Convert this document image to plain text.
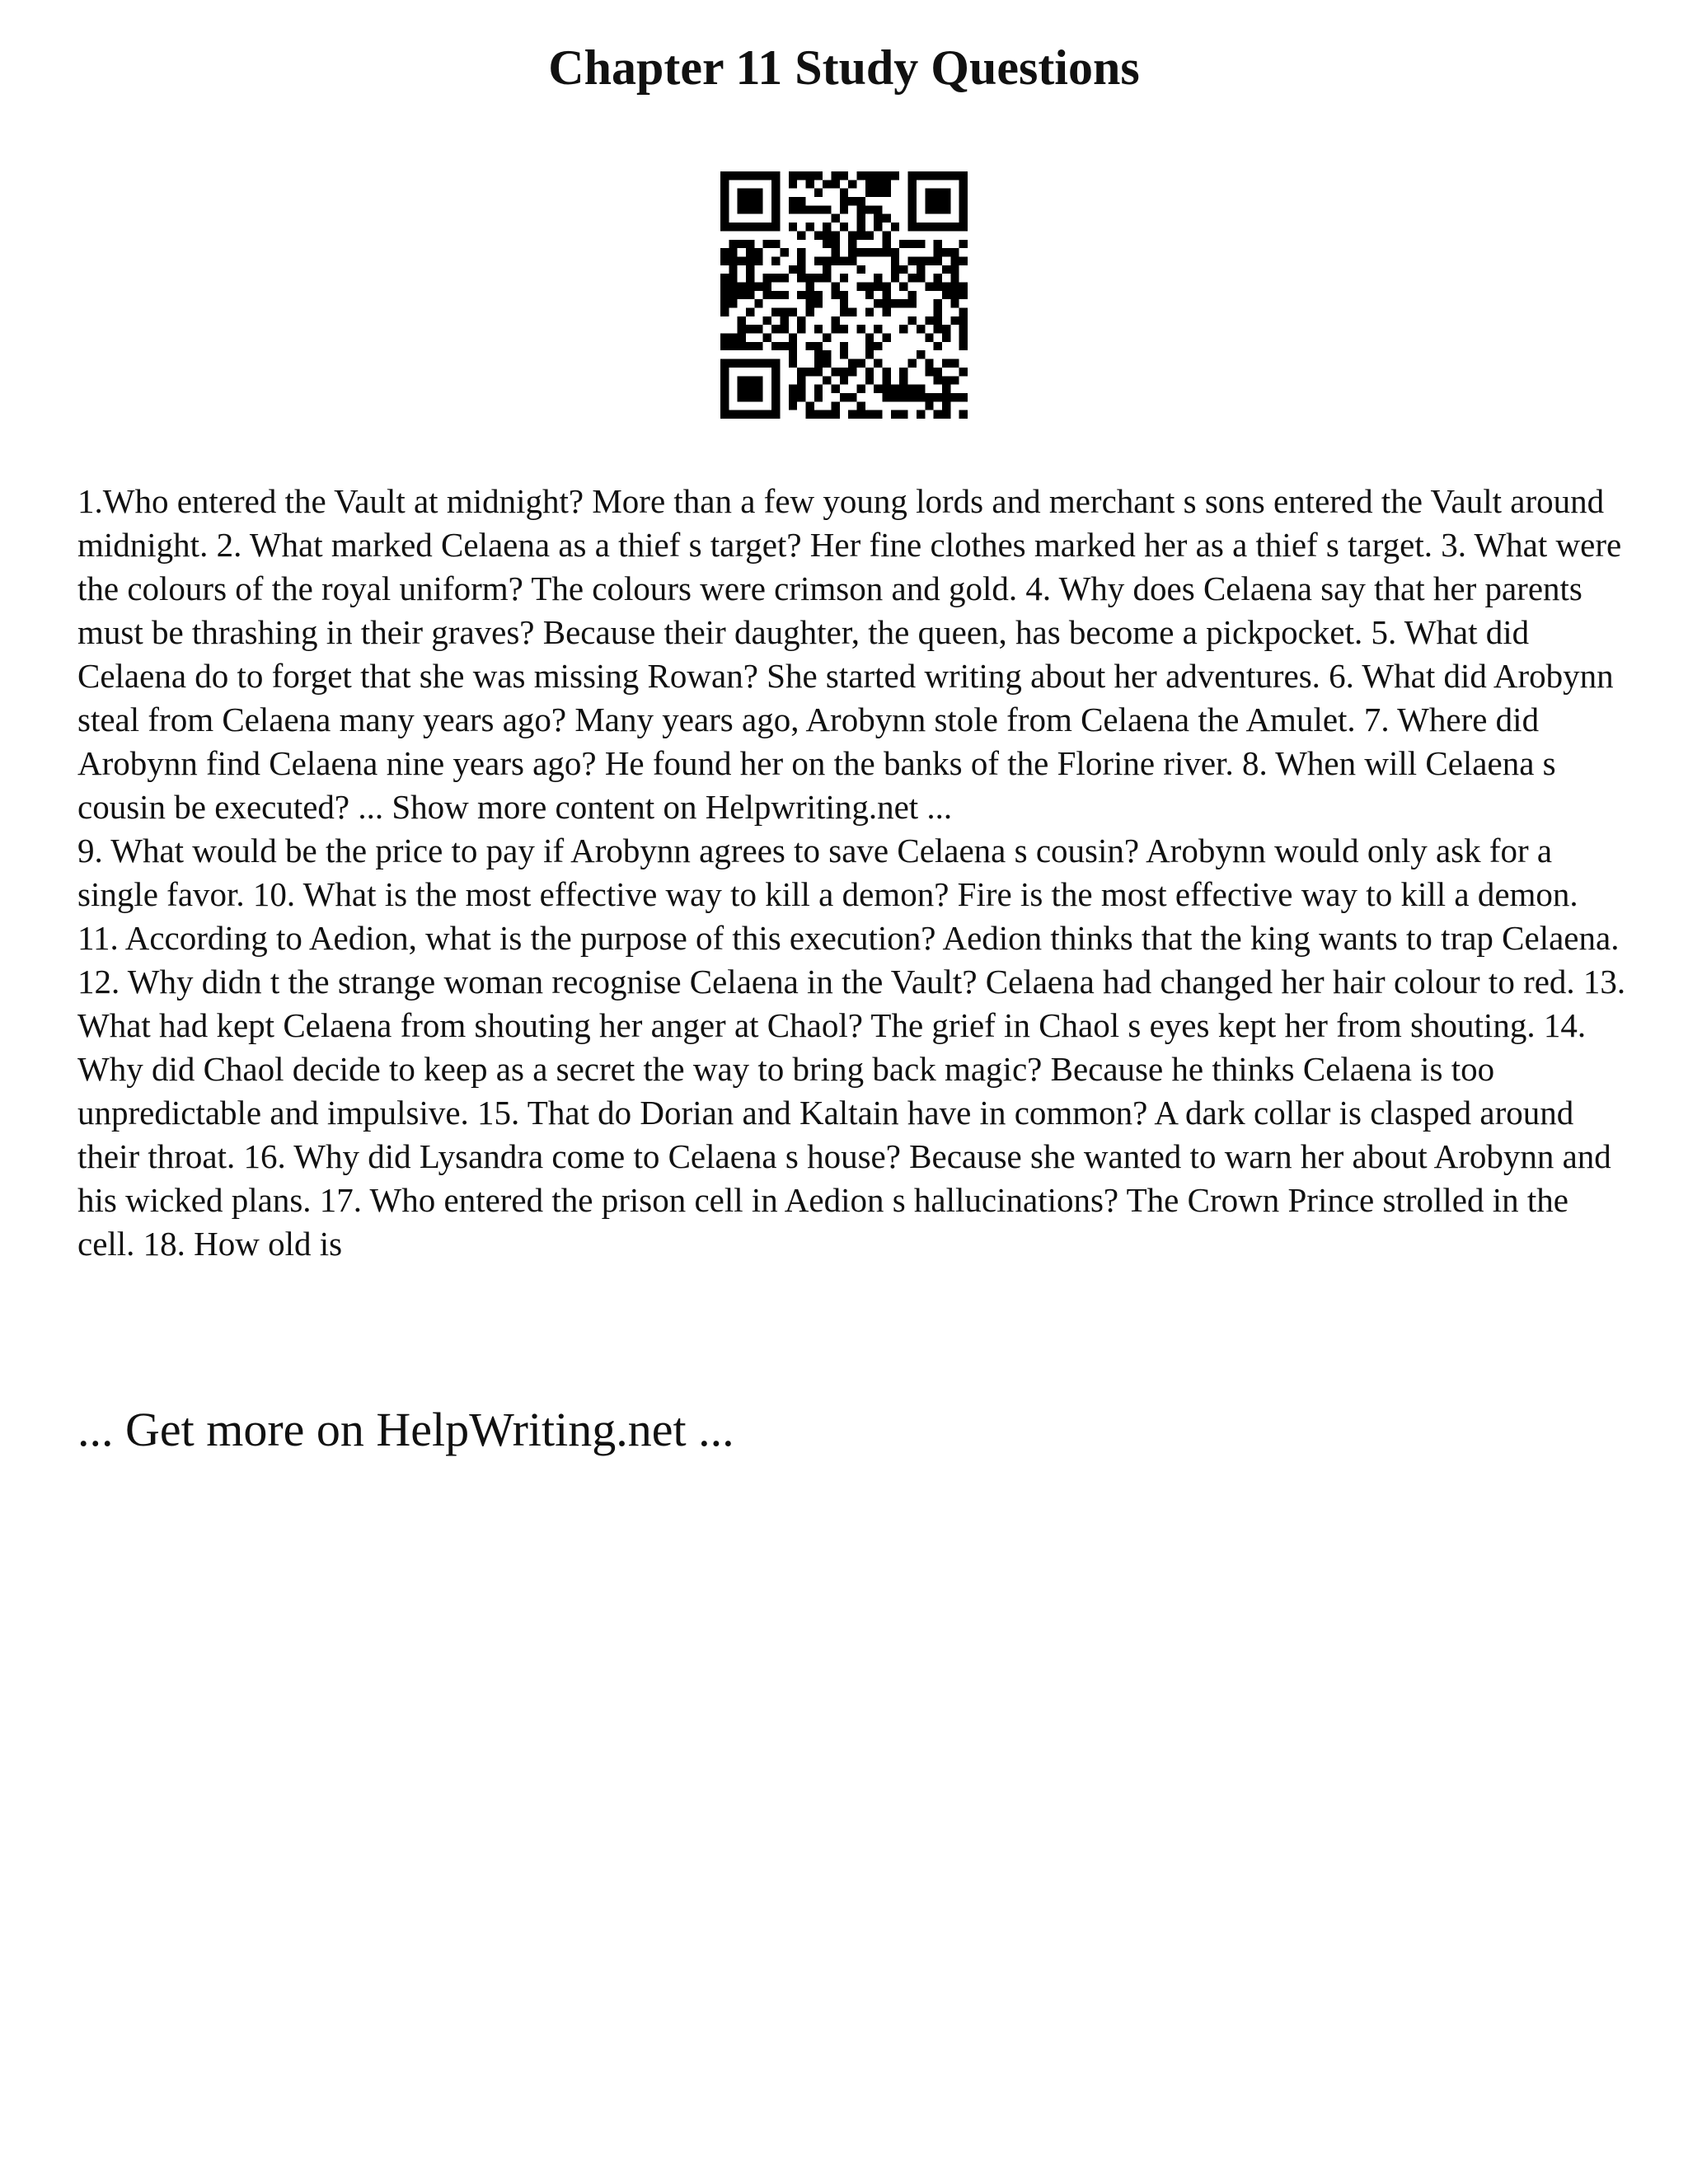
Chapter 11 Study Questions

1.Who entered the Vault at midnight? More than a few young lords and merchant s sons entered the Vault around midnight. 2. What marked Celaena as a thief s target? Her fine clothes marked her as a thief s target. 3. What were the colours of the royal uniform? The colours were crimson and gold. 4. Why does Celaena say that her parents must be thrashing in their graves? Because their daughter, the queen, has become a pickpocket. 5. What did Celaena do to forget that she was missing Rowan? She started writing about her adventures. 6. What did Arobynn steal from Celaena many years ago? Many years ago, Arobynn stole from Celaena the Amulet. 7. Where did Arobynn find Celaena nine years ago? He found her on the banks of the Florine river. 8. When will Celaena s cousin be executed? ... Show more content on Helpwriting.net ...

9. What would be the price to pay if Arobynn agrees to save Celaena s cousin? Arobynn would only ask for a single favor. 10. What is the most effective way to kill a demon? Fire is the most effective way to kill a demon. 11. According to Aedion, what is the purpose of this execution? Aedion thinks that the king wants to trap Celaena. 12. Why didn t the strange woman recognise Celaena in the Vault? Celaena had changed her hair colour to red. 13. What had kept Celaena from shouting her anger at Chaol? The grief in Chaol s eyes kept her from shouting. 14. Why did Chaol decide to keep as a secret the way to bring back magic? Because he thinks Celaena is too unpredictable and impulsive. 15. That do Dorian and Kaltain have in common? A dark collar is clasped around their throat. 16. Why did Lysandra come to Celaena s house? Because she wanted to warn her about Arobynn and his wicked plans. 17. Who entered the prison cell in Aedion s hallucinations? The Crown Prince strolled in the cell. 18. How old is

... Get more on HelpWriting.net ...
